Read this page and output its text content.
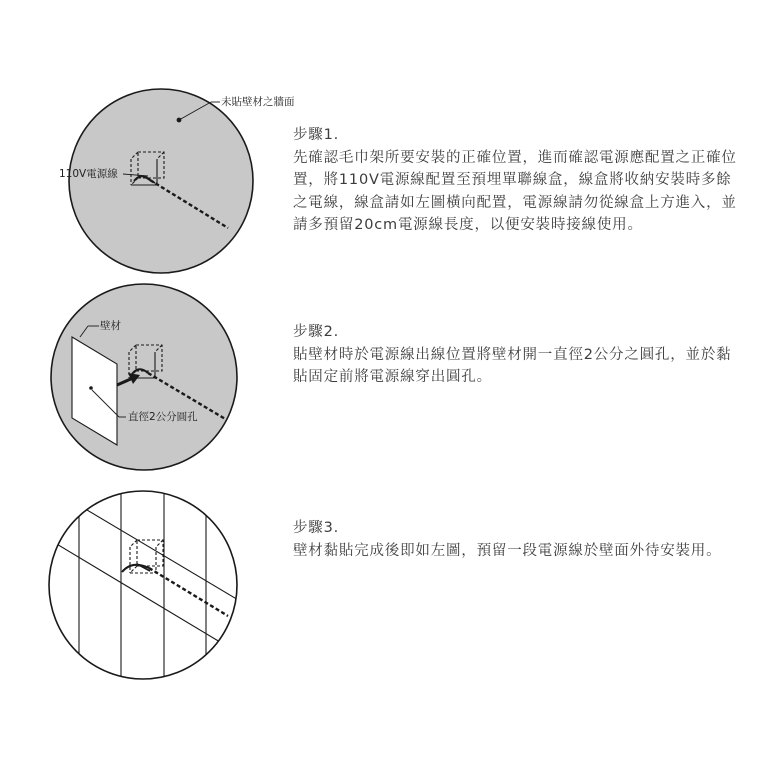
未貼壁材之牆面
110V電源線
壁材
直徑2公分圓孔
步驟1.
先確認毛巾架所要安裝的正確位置，進而確認電源應配置之正確位置，將110V電源線配置至預埋單聯線盒，線盒將收納安裝時多餘之電線，線盒請如左圖橫向配置，電源線請勿從線盒上方進入，並請多預留20cm電源線長度，以便安裝時接線使用。
步驟2.
貼壁材時於電源線出線位置將壁材開一直徑2公分之圓孔，並於黏貼固定前將電源線穿出圓孔。
步驟3.
壁材黏貼完成後即如左圖，預留一段電源線於壁面外待安裝用。
